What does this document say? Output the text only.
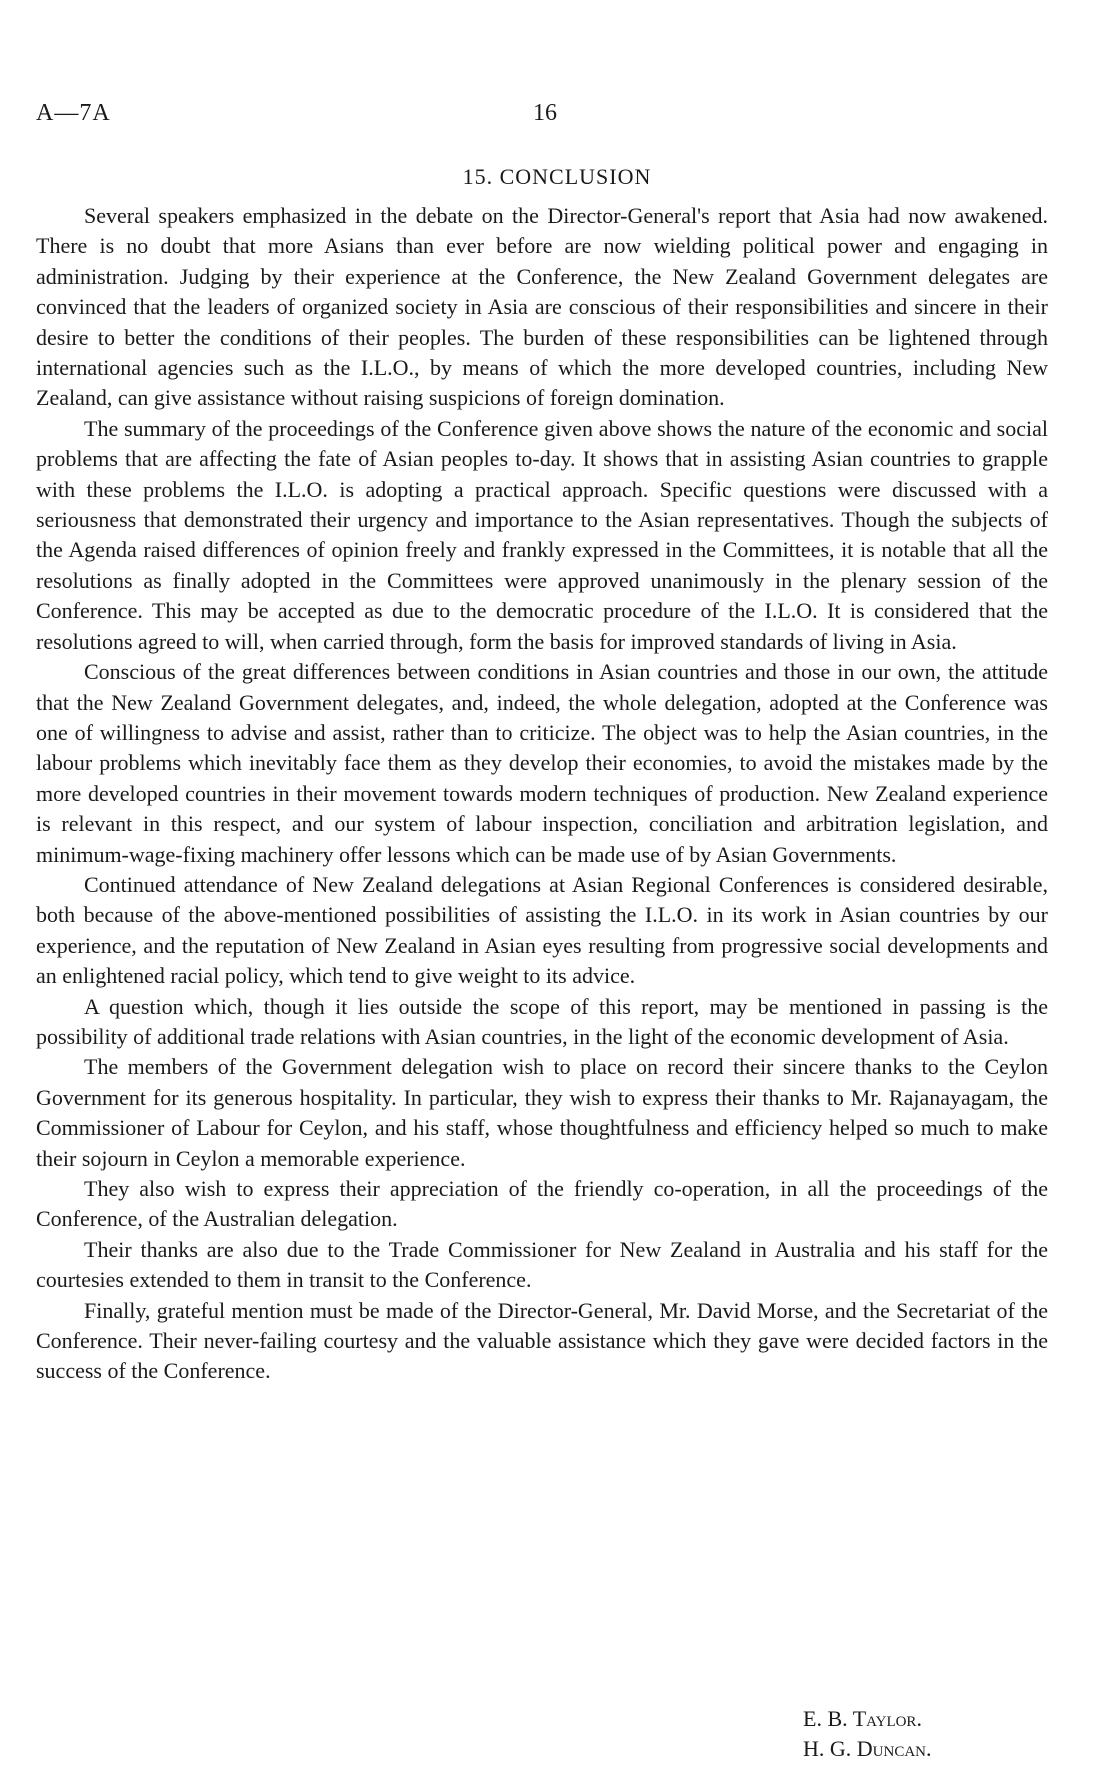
A—7A	16
15. CONCLUSION

Several speakers emphasized in the debate on the Director-General's report that Asia had now awakened. There is no doubt that more Asians than ever before are now wielding political power and engaging in administration. Judging by their experience at the Conference, the New Zealand Government delegates are convinced that the leaders of organized society in Asia are conscious of their responsibilities and sincere in their desire to better the conditions of their peoples. The burden of these responsibilities can be lightened through international agencies such as the I.L.O., by means of which the more developed countries, including New Zealand, can give assistance without raising suspicions of foreign domination.

The summary of the proceedings of the Conference given above shows the nature of the economic and social problems that are affecting the fate of Asian peoples to-day. It shows that in assisting Asian countries to grapple with these problems the I.L.O. is adopting a practical approach. Specific questions were discussed with a seriousness that demonstrated their urgency and importance to the Asian representatives. Though the subjects of the Agenda raised differences of opinion freely and frankly expressed in the Committees, it is notable that all the resolutions as finally adopted in the Committees were approved unanimously in the plenary session of the Conference. This may be accepted as due to the democratic procedure of the I.L.O. It is considered that the resolutions agreed to will, when carried through, form the basis for improved standards of living in Asia.

Conscious of the great differences between conditions in Asian countries and those in our own, the attitude that the New Zealand Government delegates, and, indeed, the whole delegation, adopted at the Conference was one of willingness to advise and assist, rather than to criticize. The object was to help the Asian countries, in the labour problems which inevitably face them as they develop their economies, to avoid the mistakes made by the more developed countries in their movement towards modern techniques of production. New Zealand experience is relevant in this respect, and our system of labour inspection, conciliation and arbitration legislation, and minimum-wage-fixing machinery offer lessons which can be made use of by Asian Governments.

Continued attendance of New Zealand delegations at Asian Regional Conferences is considered desirable, both because of the above-mentioned possibilities of assisting the I.L.O. in its work in Asian countries by our experience, and the reputation of New Zealand in Asian eyes resulting from progressive social developments and an enlightened racial policy, which tend to give weight to its advice.

A question which, though it lies outside the scope of this report, may be mentioned in passing is the possibility of additional trade relations with Asian countries, in the light of the economic development of Asia.

The members of the Government delegation wish to place on record their sincere thanks to the Ceylon Government for its generous hospitality. In particular, they wish to express their thanks to Mr. Rajanayagam, the Commissioner of Labour for Ceylon, and his staff, whose thoughtfulness and efficiency helped so much to make their sojourn in Ceylon a memorable experience.

They also wish to express their appreciation of the friendly co-operation, in all the proceedings of the Conference, of the Australian delegation.

Their thanks are also due to the Trade Commissioner for New Zealand in Australia and his staff for the courtesies extended to them in transit to the Conference.

Finally, grateful mention must be made of the Director-General, Mr. David Morse, and the Secretariat of the Conference. Their never-failing courtesy and the valuable assistance which they gave were decided factors in the success of the Conference.

E. B. Taylor.
H. G. Duncan.
